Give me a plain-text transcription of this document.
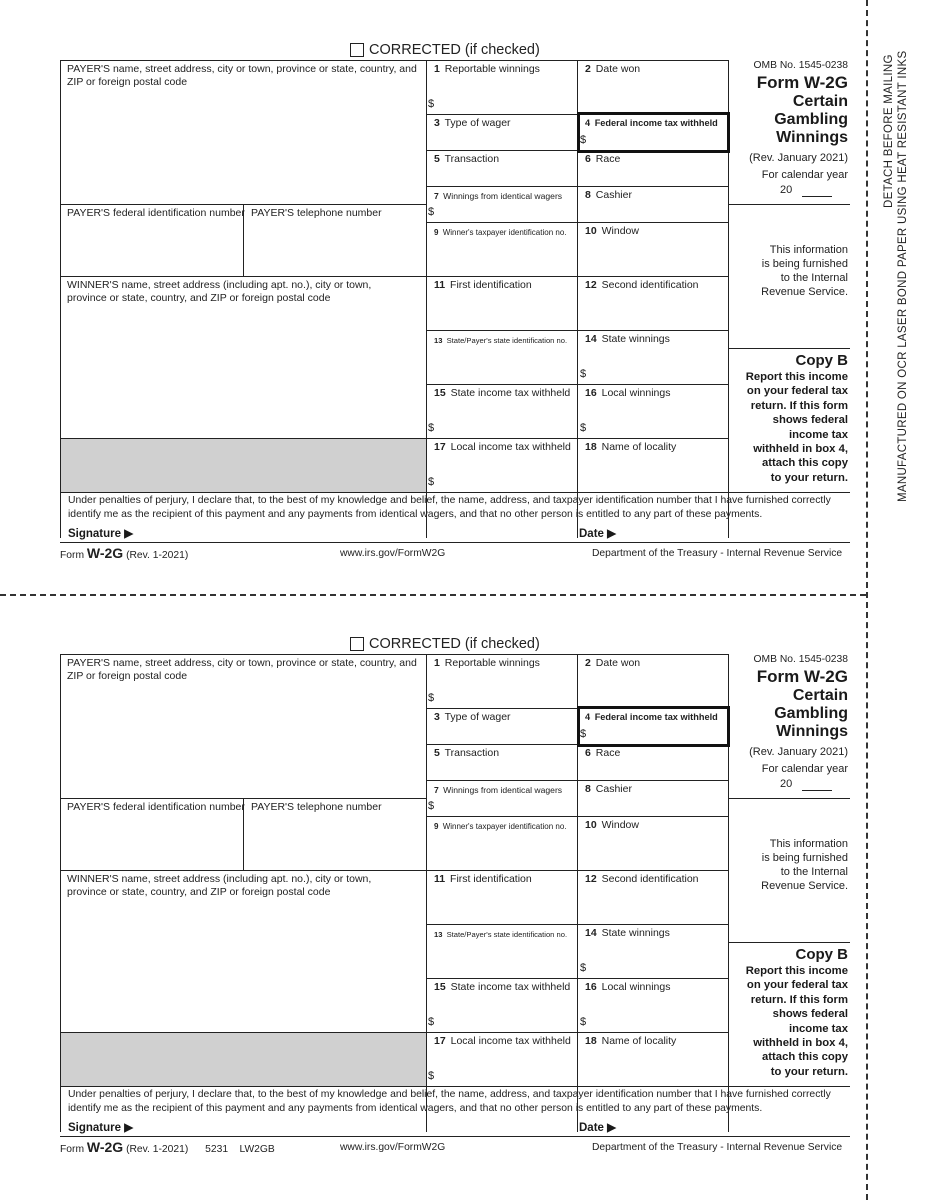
CORRECTED (if checked)
PAYER'S name, street address, city or town, province or state, country, and ZIP or foreign postal code
PAYER'S federal identification number PAYER'S telephone number
WINNER'S name, street address (including apt. no.), city or town, province or state, country, and ZIP or foreign postal code
1 Reportable winnings
$
2 Date won
3 Type of wager	4 Federal income tax withheld
$
5 Transaction	6 Race
7 Winnings from identical wagers
$
8 Cashier
9 Winner's taxpayer identification no. 10 Window
11 First identification	12 Second identification
13 State/Payer's state identification no. 14 State winnings
$
15 State income tax withheld
$
16 Local winnings
$
17 Local income tax withheld
$
18 Name of locality
OMB No. 1545-0238
Form W-2G
Certain
Gambling
Winnings
(Rev. January 2021)
For calendar year
20
This information
is being furnished
to the Internal
Revenue Service.
Copy B
Report this income
on your federal tax
return. If this form
shows federal
income tax
withheld in box 4,
attach this copy
to your return.
Under penalties of perjury, I declare that, to the best of my knowledge and belief, the name, address, and taxpayer identification number that I have furnished correctly identify me as the recipient of this payment and any payments from identical wagers, and that no other person is entitled to any part of these payments.
Signature ▶	Date ▶
Form W-2G (Rev. 1-2021)	www.irs.gov/FormW2G	Department of the Treasury - Internal Revenue Service
CORRECTED (if checked)
PAYER'S name, street address, city or town, province or state, country, and ZIP or foreign postal code
PAYER'S federal identification number PAYER'S telephone number
WINNER'S name, street address (including apt. no.), city or town, province or state, country, and ZIP or foreign postal code
1 Reportable winnings
$
2 Date won
3 Type of wager	4 Federal income tax withheld
$
5 Transaction	6 Race
7 Winnings from identical wagers
$
8 Cashier
9 Winner's taxpayer identification no. 10 Window
11 First identification	12 Second identification
13 State/Payer's state identification no. 14 State winnings
$
15 State income tax withheld
$
16 Local winnings
$
17 Local income tax withheld
$
18 Name of locality
OMB No. 1545-0238
Form W-2G
Certain
Gambling
Winnings
(Rev. January 2021)
For calendar year
20
This information
is being furnished
to the Internal
Revenue Service.
Copy B
Report this income
on your federal tax
return. If this form
shows federal
income tax
withheld in box 4,
attach this copy
to your return.
Under penalties of perjury, I declare that, to the best of my knowledge and belief, the name, address, and taxpayer identification number that I have furnished correctly identify me as the recipient of this payment and any payments from identical wagers, and that no other person is entitled to any part of these payments.
Signature ▶	Date ▶
Form W-2G (Rev. 1-2021) 5231    LW2GB	www.irs.gov/FormW2G	Department of the Treasury - Internal Revenue Service
DETACH BEFORE MAILING MANUFACTURED ON OCR LASER BOND PAPER USING HEAT RESISTANT INKS
